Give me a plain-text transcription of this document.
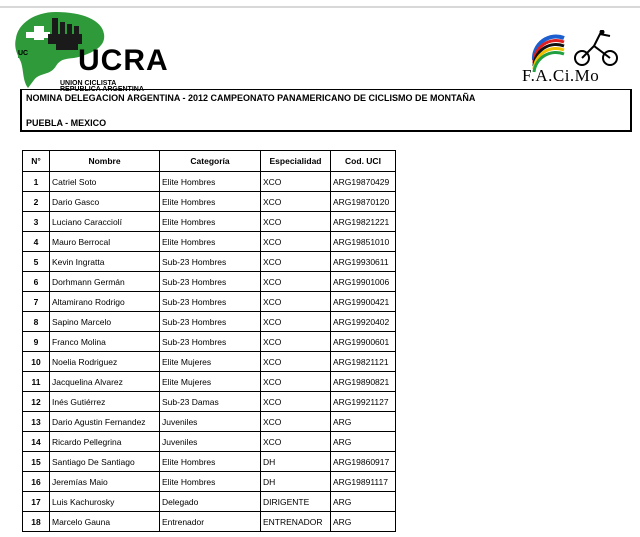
UCRA
UC
UNION CICLISTA
REPUBLICA ARGENTINA
F.A.Ci.Mo
NOMINA DELEGACION ARGENTINA - 2012 CAMPEONATO PANAMERICANO DE CICLISMO DE MONTAÑA
PUEBLA - MEXICO
N°	Nombre	Categoría	Especialidad	Cod. UCI
1	Catriel Soto	Elite Hombres	XCO	ARG19870429
2	Dario Gasco	Elite Hombres	XCO	ARG19870120
3	Luciano Caracciolí	Elite Hombres	XCO	ARG19821221
4	Mauro Berrocal	Elite Hombres	XCO	ARG19851010
5	Kevin Ingratta	Sub-23 Hombres	XCO	ARG19930611
6	Dorhmann Germán	Sub-23 Hombres	XCO	ARG19901006
7	Altamirano Rodrigo	Sub-23 Hombres	XCO	ARG19900421
8	Sapino Marcelo	Sub-23 Hombres	XCO	ARG19920402
9	Franco Molina	Sub-23 Hombres	XCO	ARG19900601
10	Noelia Rodriguez	Elite Mujeres	XCO	ARG19821121
11	Jacquelina Alvarez	Elite Mujeres	XCO	ARG19890821
12	Inés Gutiérrez	Sub-23 Damas	XCO	ARG19921127
13	Dario Agustin Fernandez	Juveniles	XCO	ARG
14	Ricardo Pellegrina	Juveniles	XCO	ARG
15	Santiago De Santiago	Elite Hombres	DH	ARG19860917
16	Jeremías Maio	Elite Hombres	DH	ARG19891117
17	Luis Kachurosky	Delegado	DIRIGENTE	ARG
18	Marcelo Gauna	Entrenador	ENTRENADOR	ARG
